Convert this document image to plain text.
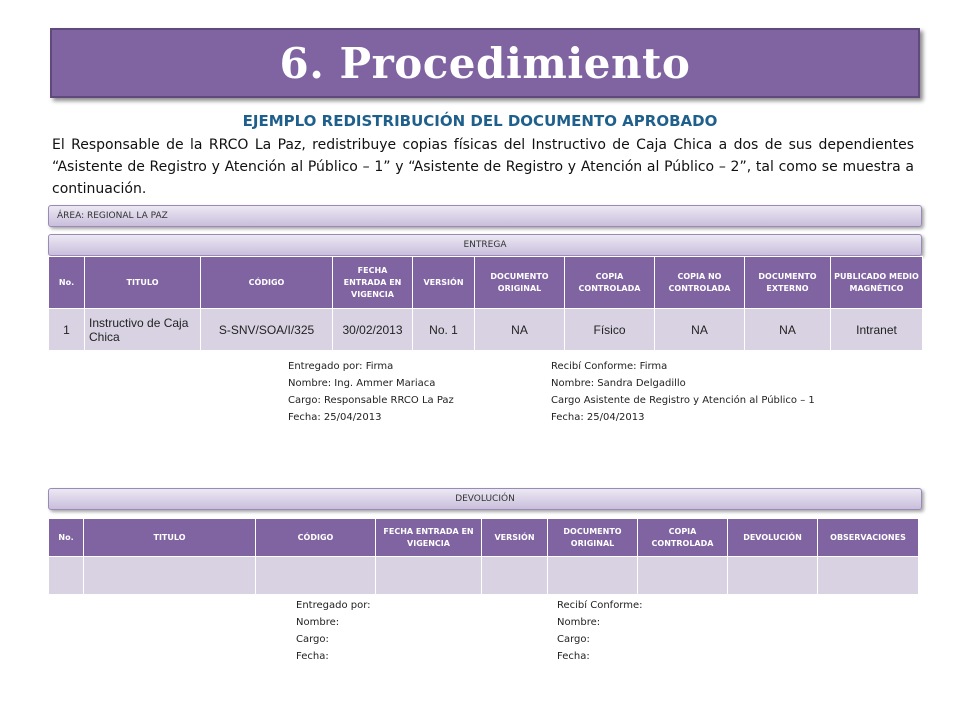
6. Procedimiento
EJEMPLO REDISTRIBUCIÓN DEL DOCUMENTO APROBADO
El Responsable de la RRCO La Paz, redistribuye copias físicas del Instructivo de Caja Chica a dos de sus dependientes “Asistente de Registro y Atención al Público – 1” y “Asistente de Registro y Atención al Público – 2”, tal como se muestra a continuación.
ÁREA: REGIONAL LA PAZ
ENTREGA
No.	TITULO	CÓDIGO	FECHA ENTRADA EN VIGENCIA	VERSIÓN	DOCUMENTO ORIGINAL	COPIA CONTROLADA	COPIA NO CONTROLADA	DOCUMENTO EXTERNO	PUBLICADO MEDIO MAGNÉTICO
1	Instructivo de Caja Chica	S-SNV/SOA/I/325	30/02/2013	No. 1	NA	Físico	NA	NA	Intranet
Entregado por: Firma
Nombre: Ing. Ammer Mariaca
Cargo: Responsable RRCO La Paz
Fecha: 25/04/2013
Recibí Conforme: Firma
Nombre: Sandra Delgadillo
Cargo Asistente de Registro y Atención al Público – 1
Fecha: 25/04/2013
DEVOLUCIÓN
No.	TITULO	CÓDIGO	FECHA ENTRADA EN VIGENCIA	VERSIÓN	DOCUMENTO ORIGINAL	COPIA CONTROLADA	DEVOLUCIÓN	OBSERVACIONES

Entregado por:
Nombre:
Cargo:
Fecha:
Recibí Conforme:
Nombre:
Cargo:
Fecha:
